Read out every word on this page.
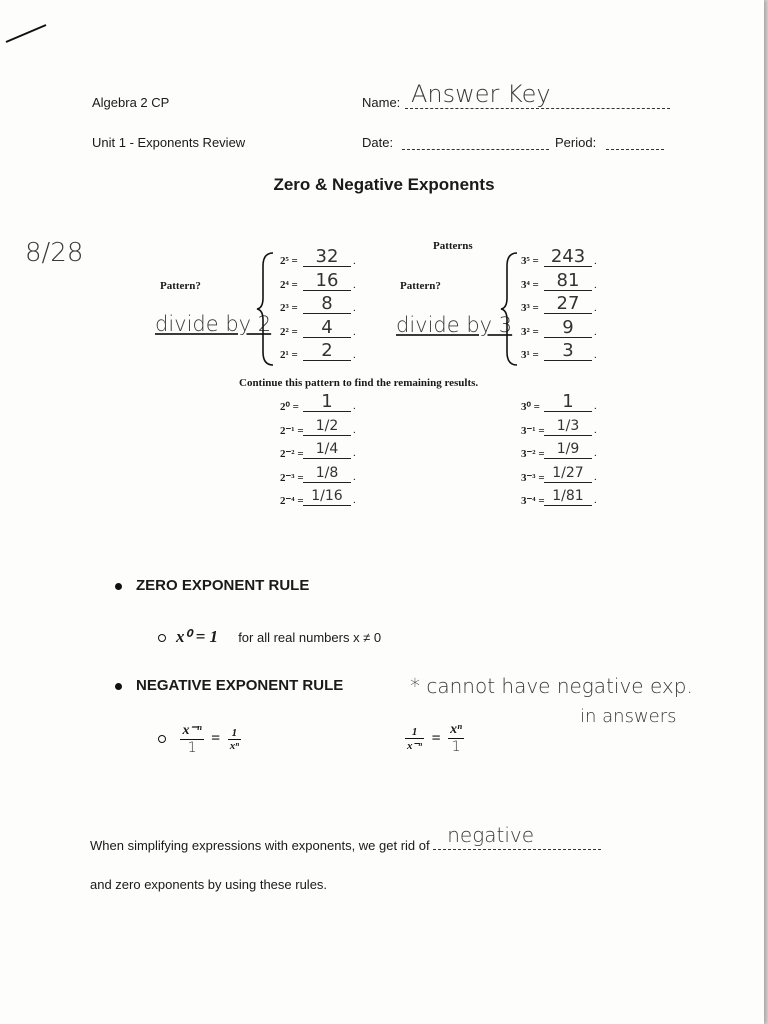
Algebra 2 CP
Unit 1 - Exponents Review
Name: Answer Key
Date:	Period:
Zero & Negative Exponents
8/28	Patterns
Pattern?
divide by 2
2⁵ = 32	.
2⁴ = 16	.
2³ =	8	.
2² =	4	.
2¹ =	2	.
Pattern?
divide by 3
3⁵ = 243 .
3⁴ = 81	.
3³ = 27	.
3² =	9	.
3¹ =	3	.
Continue this pattern to find the remaining results.
2⁰ =	1	.
2⁻¹ = 1/2	.
2⁻² = 1/4	.
2⁻³ = 1/8	.
2⁻⁴ = 1/16 .
3⁰ =	1	.
3⁻¹ = 1/3	.
3⁻² = 1/9	.
3⁻³ = 1/27 .
3⁻⁴ = 1/81 .
ZERO EXPONENT RULE
x⁰ = 1 for all real numbers x ≠ 0
NEGATIVE EXPONENT RULE	* cannot have negative exp.
in answers

$\frac{\text{x⁻ⁿ}}{1} = \frac{1}{\text{xⁿ}}$	$\frac{1}{\text{x⁻ⁿ}} = \frac{\text{xⁿ}}{1}$
When simplifying expressions with exponents, we get rid of negative
and zero exponents by using these rules.
